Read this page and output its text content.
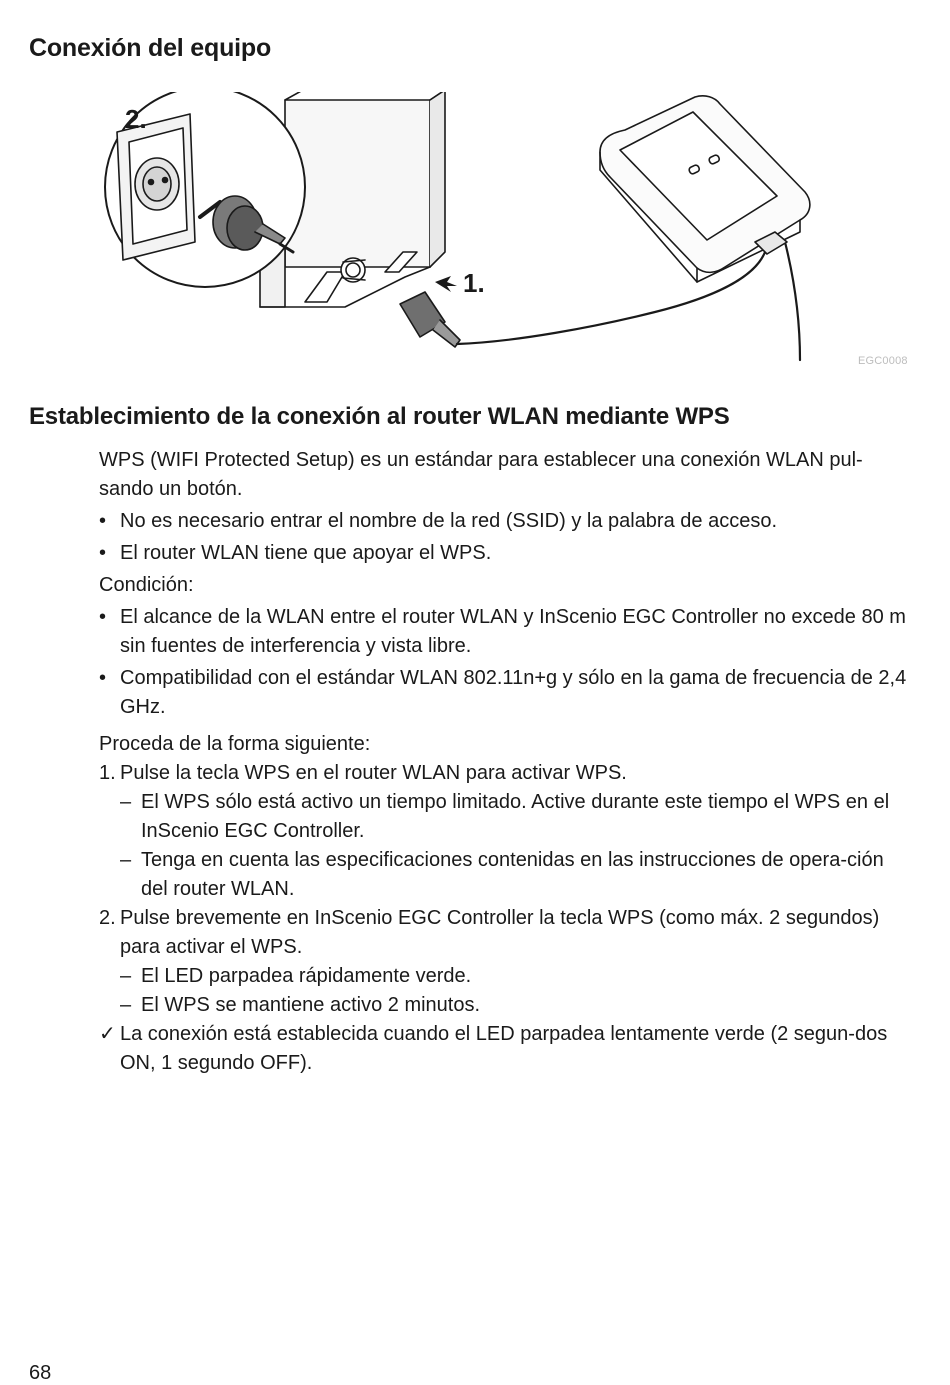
Conexión del equipo
2.
1.
EGC0008
Establecimiento de la conexión al router WLAN mediante WPS

WPS (WIFI Protected Setup) es un estándar para establecer una conexión WLAN pul-sando un botón.

• No es necesario entrar el nombre de la red (SSID) y la palabra de acceso.
• El router WLAN tiene que apoyar el WPS.

Condición:

• El alcance de la WLAN entre el router WLAN y InScenio EGC Controller no excede 80 m sin fuentes de interferencia y vista libre.
• Compatibilidad con el estándar WLAN 802.11n+g y sólo en la gama de frecuencia de 2,4 GHz.

Proceda de la forma siguiente:

1. Pulse la tecla WPS en el router WLAN para activar WPS.
– El WPS sólo está activo un tiempo limitado. Active durante este tiempo el WPS en el InScenio EGC Controller.
– Tenga en cuenta las especificaciones contenidas en las instrucciones de opera-ción del router WLAN.
2. Pulse brevemente en InScenio EGC Controller la tecla WPS (como máx. 2 segundos) para activar el WPS.
– El LED parpadea rápidamente verde.
– El WPS se mantiene activo 2 minutos.
✓ La conexión está establecida cuando el LED parpadea lentamente verde (2 segun-dos ON, 1 segundo OFF).
68
